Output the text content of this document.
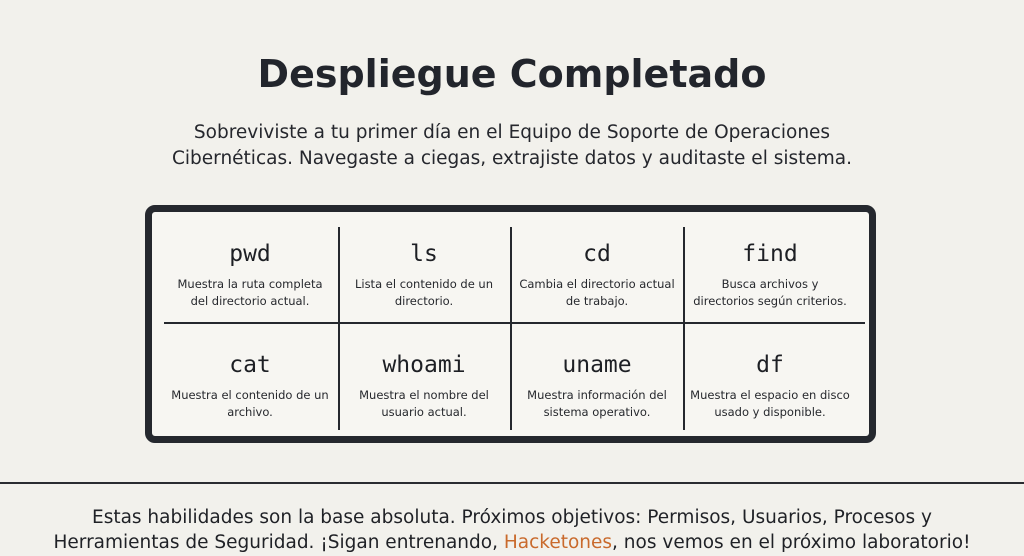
Despliegue Completado
Sobreviviste a tu primer día en el Equipo de Soporte de Operaciones
Cibernéticas. Navegaste a ciegas, extrajiste datos y auditaste el sistema.
pwd
Muestra la ruta completa del directorio actual.
ls
Lista el contenido de un directorio.
cd
Cambia el directorio actual de trabajo.
find
Busca archivos y directorios según criterios.
cat
Muestra el contenido de un archivo.
whoami
Muestra el nombre del usuario actual.
uname
Muestra información del sistema operativo.
df
Muestra el espacio en disco usado y disponible.
Estas habilidades son la base absoluta. Próximos objetivos: Permisos, Usuarios, Procesos y
Herramientas de Seguridad. ¡Sigan entrenando, Hacketones, nos vemos en el próximo laboratorio!
